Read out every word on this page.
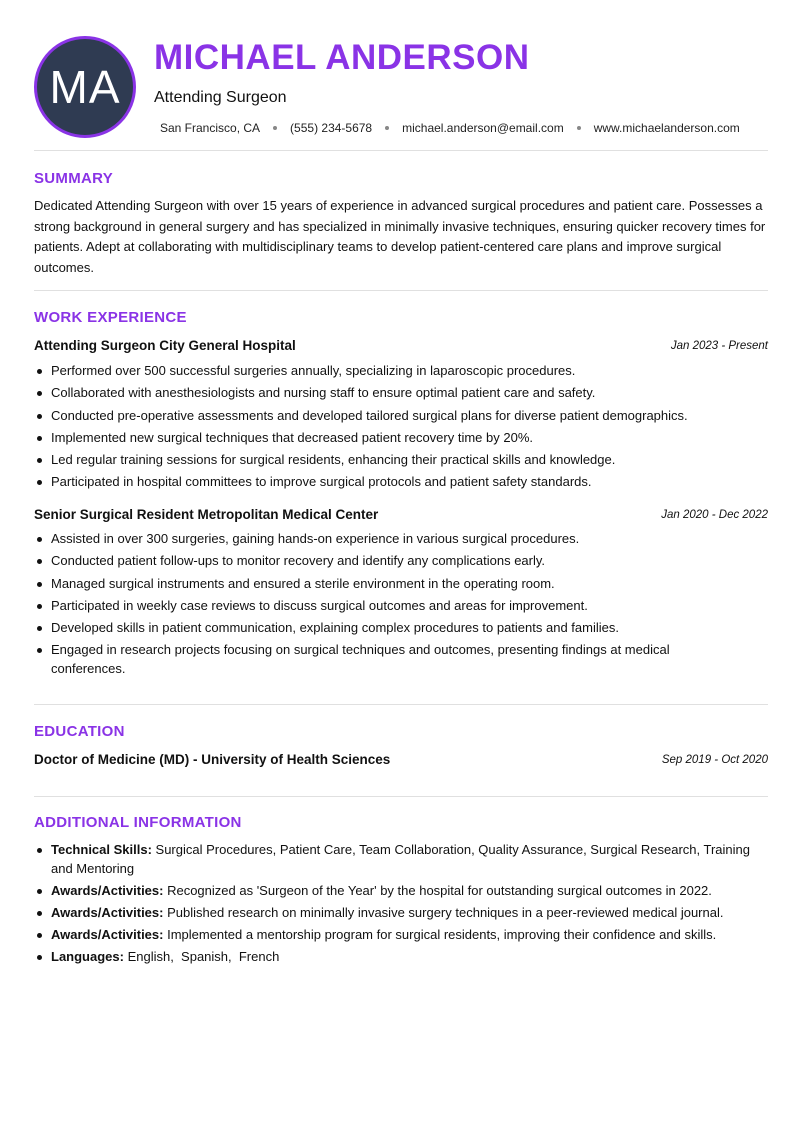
MA
MICHAEL ANDERSON
Attending Surgeon
San Francisco, CA	(555) 234-5678	michael.anderson@email.com	www.michaelanderson.com
SUMMARY

Dedicated Attending Surgeon with over 15 years of experience in advanced surgical procedures and patient care. Possesses a strong background in general surgery and has specialized in minimally invasive techniques, ensuring quicker recovery times for patients. Adept at collaborating with multidisciplinary teams to develop patient-centered care plans and improve surgical outcomes.

WORK EXPERIENCE
Attending Surgeon City General Hospital	Jan 2023 - Present
Performed over 500 successful surgeries annually, specializing in laparoscopic procedures.
Collaborated with anesthesiologists and nursing staff to ensure optimal patient care and safety.
Conducted pre-operative assessments and developed tailored surgical plans for diverse patient demographics.
Implemented new surgical techniques that decreased patient recovery time by 20%.
Led regular training sessions for surgical residents, enhancing their practical skills and knowledge.
Participated in hospital committees to improve surgical protocols and patient safety standards.
Senior Surgical Resident Metropolitan Medical Center	Jan 2020 - Dec 2022
Assisted in over 300 surgeries, gaining hands-on experience in various surgical procedures.
Conducted patient follow-ups to monitor recovery and identify any complications early.
Managed surgical instruments and ensured a sterile environment in the operating room.
Participated in weekly case reviews to discuss surgical outcomes and areas for improvement.
Developed skills in patient communication, explaining complex procedures to patients and families.
Engaged in research projects focusing on surgical techniques and outcomes, presenting findings at medical conferences.
EDUCATION
Doctor of Medicine (MD) - University of Health Sciences	Sep 2019 - Oct 2020
ADDITIONAL INFORMATION
Technical Skills: Surgical Procedures, Patient Care, Team Collaboration, Quality Assurance, Surgical Research, Training and Mentoring
Awards/Activities: Recognized as 'Surgeon of the Year' by the hospital for outstanding surgical outcomes in 2022.
Awards/Activities: Published research on minimally invasive surgery techniques in a peer-reviewed medical journal.
Awards/Activities: Implemented a mentorship program for surgical residents, improving their confidence and skills.
Languages: English,  Spanish,  French
